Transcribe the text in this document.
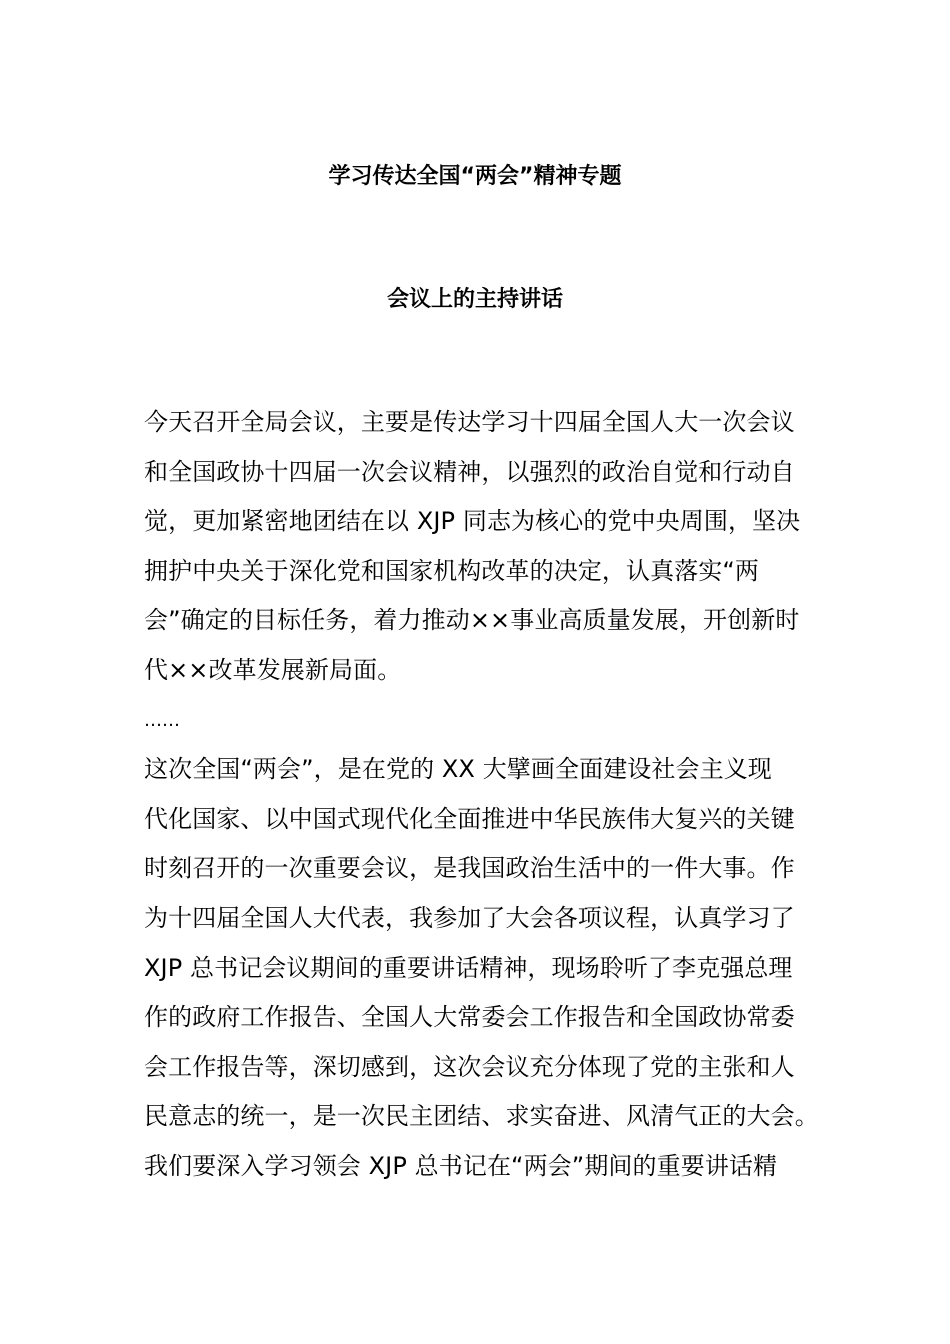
学习传达全国“两会”精神专题
会议上的主持讲话
今天召开全局会议，主要是传达学习十四届全国人大一次会议
和全国政协十四届一次会议精神，以强烈的政治自觉和行动自
觉，更加紧密地团结在以 XJP 同志为核心的党中央周围，坚决
拥护中央关于深化党和国家机构改革的决定，认真落实“两
会”确定的目标任务，着力推动××事业高质量发展，开创新时
代××改革发展新局面。
……
这次全国“两会”，是在党的 XX 大擘画全面建设社会主义现
代化国家、以中国式现代化全面推进中华民族伟大复兴的关键
时刻召开的一次重要会议，是我国政治生活中的一件大事。作
为十四届全国人大代表，我参加了大会各项议程，认真学习了
XJP 总书记会议期间的重要讲话精神，现场聆听了李克强总理
作的政府工作报告、全国人大常委会工作报告和全国政协常委
会工作报告等，深切感到，这次会议充分体现了党的主张和人
民意志的统一，是一次民主团结、求实奋进、风清气正的大会。
我们要深入学习领会 XJP 总书记在“两会”期间的重要讲话精
